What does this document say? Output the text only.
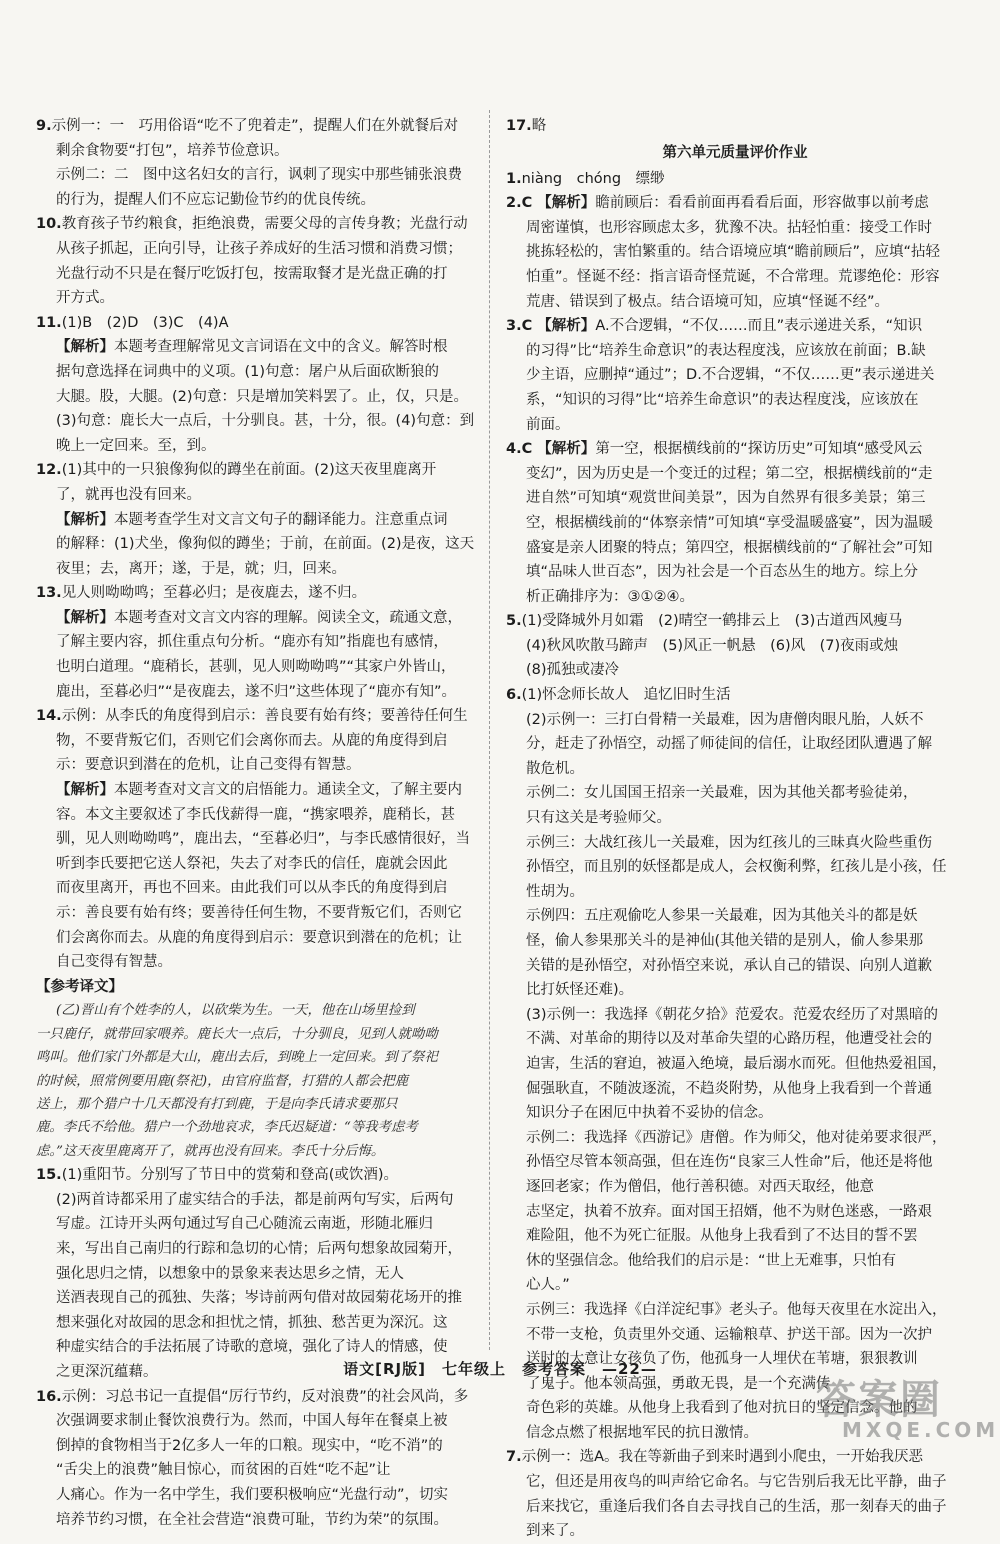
9.示例一：一　巧用俗语“吃不了兜着走”，提醒人们在外就餐后对

剩余食物要“打包”，培养节俭意识。

示例二：二　图中这名妇女的言行，讽刺了现实中那些铺张浪费

的行为，提醒人们不应忘记勤俭节约的优良传统。

10.教育孩子节约粮食，拒绝浪费，需要父母的言传身教；光盘行动

从孩子抓起，正向引导，让孩子养成好的生活习惯和消费习惯；

光盘行动不只是在餐厅吃饭打包，按需取餐才是光盘正确的打

开方式。

11.(1)B　(2)D　(3)C　(4)A

【解析】本题考查理解常见文言词语在文中的含义。解答时根

据句意选择在词典中的义项。(1)句意：屠户从后面砍断狼的

大腿。股，大腿。(2)句意：只是增加笑料罢了。止，仅，只是。

(3)句意：鹿长大一点后，十分驯良。甚，十分，很。(4)句意：到

晚上一定回来。至，到。

12.(1)其中的一只狼像狗似的蹲坐在前面。(2)这天夜里鹿离开

了，就再也没有回来。

【解析】本题考查学生对文言文句子的翻译能力。注意重点词

的解释：(1)犬坐，像狗似的蹲坐；于前，在前面。(2)是夜，这天

夜里；去，离开；遂，于是，就；归，回来。

13.见人则呦呦鸣；至暮必归；是夜鹿去，遂不归。

【解析】本题考查对文言文内容的理解。阅读全文，疏通文意，

了解主要内容，抓住重点句分析。“鹿亦有知”指鹿也有感情，

也明白道理。“鹿稍长，甚驯，见人则呦呦鸣”“其家户外皆山，

鹿出，至暮必归”“是夜鹿去，遂不归”这些体现了“鹿亦有知”。

14.示例：从李氏的角度得到启示：善良要有始有终；要善待任何生

物，不要背叛它们，否则它们会离你而去。从鹿的角度得到启

示：要意识到潜在的危机，让自己变得有智慧。

【解析】本题考查对文言文的启悟能力。通读全文，了解主要内

容。本文主要叙述了李氏伐薪得一鹿，“携家喂养，鹿稍长，甚

驯，见人则呦呦鸣”，鹿出去，“至暮必归”，与李氏感情很好，当

听到李氏要把它送人祭祀，失去了对李氏的信任，鹿就会因此

而夜里离开，再也不回来。由此我们可以从李氏的角度得到启

示：善良要有始有终；要善待任何生物，不要背叛它们，否则它

们会离你而去。从鹿的角度得到启示：要意识到潜在的危机；让

自己变得有智慧。

【参考译文】

(乙)晋山有个姓李的人，以砍柴为生。一天，他在山场里捡到

一只鹿仔，就带回家喂养。鹿长大一点后，十分驯良，见到人就呦呦

鸣叫。他们家门外都是大山，鹿出去后，到晚上一定回来。到了祭祀

的时候，照常例要用鹿(祭祀)，由官府监督，打猎的人都会把鹿

送上，那个猎户十几天都没有打到鹿，于是向李氏请求要那只

鹿。李氏不给他。猎户一个劲地哀求，李氏迟疑道：“等我考虑考

虑。”这天夜里鹿离开了，就再也没有回来。李氏十分后悔。

15.(1)重阳节。分别写了节日中的赏菊和登高(或饮酒)。

(2)两首诗都采用了虚实结合的手法，都是前两句写实，后两句

写虚。江诗开头两句通过写自己心随流云南逝，形随北雁归

来，写出自己南归的行踪和急切的心情；后两句想象故园菊开，

强化思归之情，以想象中的景象来表达思乡之情，无人

送酒表现自己的孤独、失落；岑诗前两句借对故园菊花场开的推

想来强化对故园的思念和担忧之情，抓独、愁苦更为深沉。这

种虚实结合的手法拓展了诗歌的意境，强化了诗人的情感，使

之更深沉蕴藉。

16.示例：习总书记一直提倡“厉行节约，反对浪费”的社会风尚，多

次强调要求制止餐饮浪费行为。然而，中国人每年在餐桌上被

倒掉的食物相当于2亿多人一年的口粮。现实中，“吃不消”的

“舌尖上的浪费”触目惊心，而贫困的百姓“吃不起”让

人痛心。作为一名中学生，我们要积极响应“光盘行动”，切实

培养节约习惯，在全社会营造“浪费可耻，节约为荣”的氛围。

17.略

第六单元质量评价作业

1.niàng　chóng　缥缈

2.C 【解析】瞻前顾后：看看前面再看看后面，形容做事以前考虑

周密谨慎，也形容顾虑太多，犹豫不决。拈轻怕重：接受工作时

挑拣轻松的，害怕繁重的。结合语境应填“瞻前顾后”，应填“拈轻

怕重”。怪诞不经：指言语奇怪荒诞，不合常理。荒谬绝伦：形容

荒唐、错误到了极点。结合语境可知，应填“怪诞不经”。

3.C 【解析】A.不合逻辑，“不仅……而且”表示递进关系，“知识

的习得”比“培养生命意识”的表达程度浅，应该放在前面；B.缺

少主语，应删掉“通过”；D.不合逻辑，“不仅……更”表示递进关

系，“知识的习得”比“培养生命意识”的表达程度浅，应该放在

前面。

4.C 【解析】第一空，根据横线前的“探访历史”可知填“感受风云

变幻”，因为历史是一个变迁的过程；第二空，根据横线前的“走

进自然”可知填“观赏世间美景”，因为自然界有很多美景；第三

空，根据横线前的“体察亲情”可知填“享受温暖盛宴”，因为温暖

盛宴是亲人团聚的特点；第四空，根据横线前的“了解社会”可知

填“品味人世百态”，因为社会是一个百态丛生的地方。综上分

析正确排序为：③①②④。

5.(1)受降城外月如霜　(2)晴空一鹤排云上　(3)古道西风瘦马

(4)秋风吹散马蹄声　(5)风正一帆悬　(6)风　(7)夜雨或烛

(8)孤独或凄冷

6.(1)怀念师长故人　追忆旧时生活

(2)示例一：三打白骨精一关最难，因为唐僧肉眼凡胎，人妖不

分，赶走了孙悟空，动摇了师徒间的信任，让取经团队遭遇了解

散危机。

示例二：女儿国国王招亲一关最难，因为其他关都考验徒弟，

只有这关是考验师父。

示例三：大战红孩儿一关最难，因为红孩儿的三昧真火险些重伤

孙悟空，而且别的妖怪都是成人，会权衡利弊，红孩儿是小孩，任

性胡为。

示例四：五庄观偷吃人参果一关最难，因为其他关斗的都是妖

怪，偷人参果那关斗的是神仙(其他关错的是别人，偷人参果那

关错的是孙悟空，对孙悟空来说，承认自己的错误、向别人道歉

比打妖怪还难)。

(3)示例一：我选择《朝花夕拾》范爱农。范爱农经历了对黑暗的

不满、对革命的期待以及对革命失望的心路历程，他遭受社会的

迫害，生活的窘迫，被逼入绝境，最后溺水而死。但他热爱祖国，

倔强耿直，不随波逐流，不趋炎附势，从他身上我看到一个普通

知识分子在困厄中执着不妥协的信念。

示例二：我选择《西游记》唐僧。作为师父，他对徒弟要求很严，

孙悟空尽管本领高强，但在连伤“良家三人性命”后，他还是将他

逐回老家；作为僧侣，他行善积德。对西天取经，他意

志坚定，执着不放弃。面对国王招婿，他不为财色迷惑，一路艰

难险阻，他不为死亡征服。从他身上我看到了不达目的誓不罢

休的坚强信念。他给我们的启示是：“世上无难事，只怕有

心人。”

示例三：我选择《白洋淀纪事》老头子。他每天夜里在水淀出入，

不带一支枪，负责里外交通、运输粮草、护送干部。因为一次护

送时的大意让女孩负了伤，他孤身一人埋伏在苇塘，狠狠教训

了鬼子。他本领高强，勇敢无畏，是一个充满传

奇色彩的英雄。从他身上我看到了他对抗日的坚定信念。他的

信念点燃了根据地军民的抗日激情。

7.示例一：选A。我在等新曲子到来时遇到小爬虫，一开始我厌恶

它，但还是用夜鸟的叫声给它命名。与它告别后我无比平静，曲子

后来找它，重逢后我们各自去寻找自己的生活，那一刻春天的曲子

到来了。

语文[RJ版]　七年级上　参考答案　—22—
答案圈
MXQE.COM
